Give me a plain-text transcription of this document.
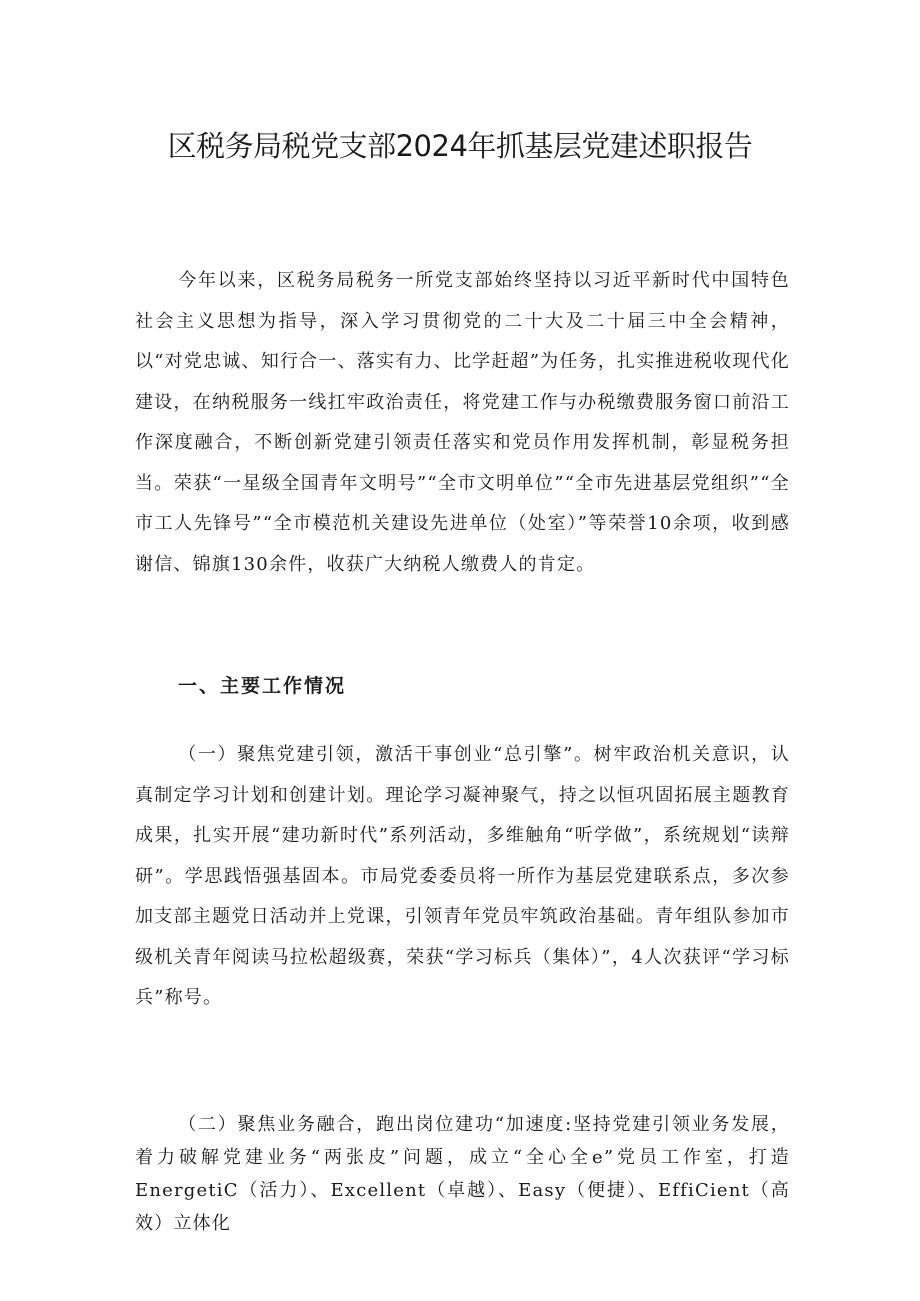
区税务局税党支部2024年抓基层党建述职报告

今年以来，区税务局税务一所党支部始终坚持以习近平新时代中国特色社会主义思想为指导，深入学习贯彻党的二十大及二十届三中全会精神，以“对党忠诚、知行合一、落实有力、比学赶超”为任务，扎实推进税收现代化建设，在纳税服务一线扛牢政治责任，将党建工作与办税缴费服务窗口前沿工作深度融合，不断创新党建引领责任落实和党员作用发挥机制，彰显税务担当。荣获“一星级全国青年文明号”“全市文明单位”“全市先进基层党组织”“全市工人先锋号”“全市模范机关建设先进单位（处室）”等荣誉10余项，收到感谢信、锦旗130余件，收获广大纳税人缴费人的肯定。

一、主要工作情况

（一）聚焦党建引领，激活干事创业“总引擎”。树牢政治机关意识，认真制定学习计划和创建计划。理论学习凝神聚气，持之以恒巩固拓展主题教育成果，扎实开展“建功新时代”系列活动，多维触角“听学做”，系统规划“读辩研”。学思践悟强基固本。市局党委委员将一所作为基层党建联系点，多次参加支部主题党日活动并上党课，引领青年党员牢筑政治基础。青年组队参加市级机关青年阅读马拉松超级赛，荣获“学习标兵（集体）”，4人次获评“学习标兵”称号。

（二）聚焦业务融合，跑出岗位建功“加速度:坚持党建引领业务发展，着力破解党建业务“两张皮”问题，成立“全心全e”党员工作室，打造EnergetiC（活力）、Excellent（卓越）、Easy（便捷）、EffiCient（高效）立体化
